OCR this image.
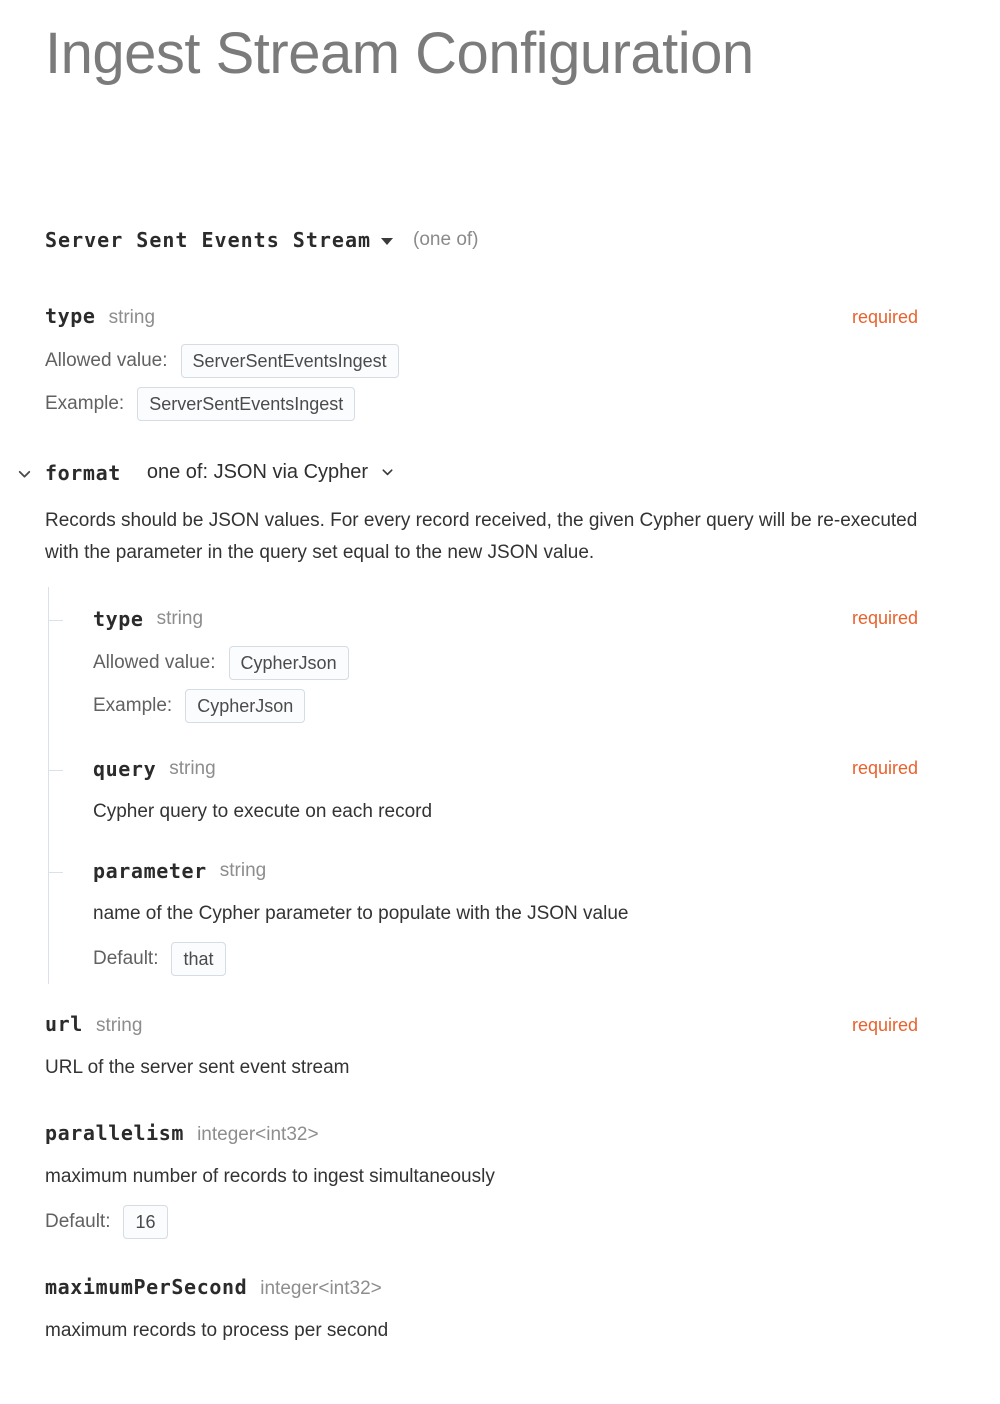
Ingest Stream Configuration
Server Sent Events Stream (one of)
type string	required
Allowed value:	ServerSentEventsIngest
Example:	ServerSentEventsIngest
format one of: JSON via Cypher

Records should be JSON values. For every record received, the given Cypher query will be re-executed with the parameter in the query set equal to the new JSON value.

type string	required
Allowed value:	CypherJson
Example:	CypherJson
query string	required

Cypher query to execute on each record

parameter string

name of the Cypher parameter to populate with the JSON value

Default:	that
url string	required

URL of the server sent event stream

parallelism integer<int32>

maximum number of records to ingest simultaneously

Default:	16
maximumPerSecond integer<int32>

maximum records to process per second
